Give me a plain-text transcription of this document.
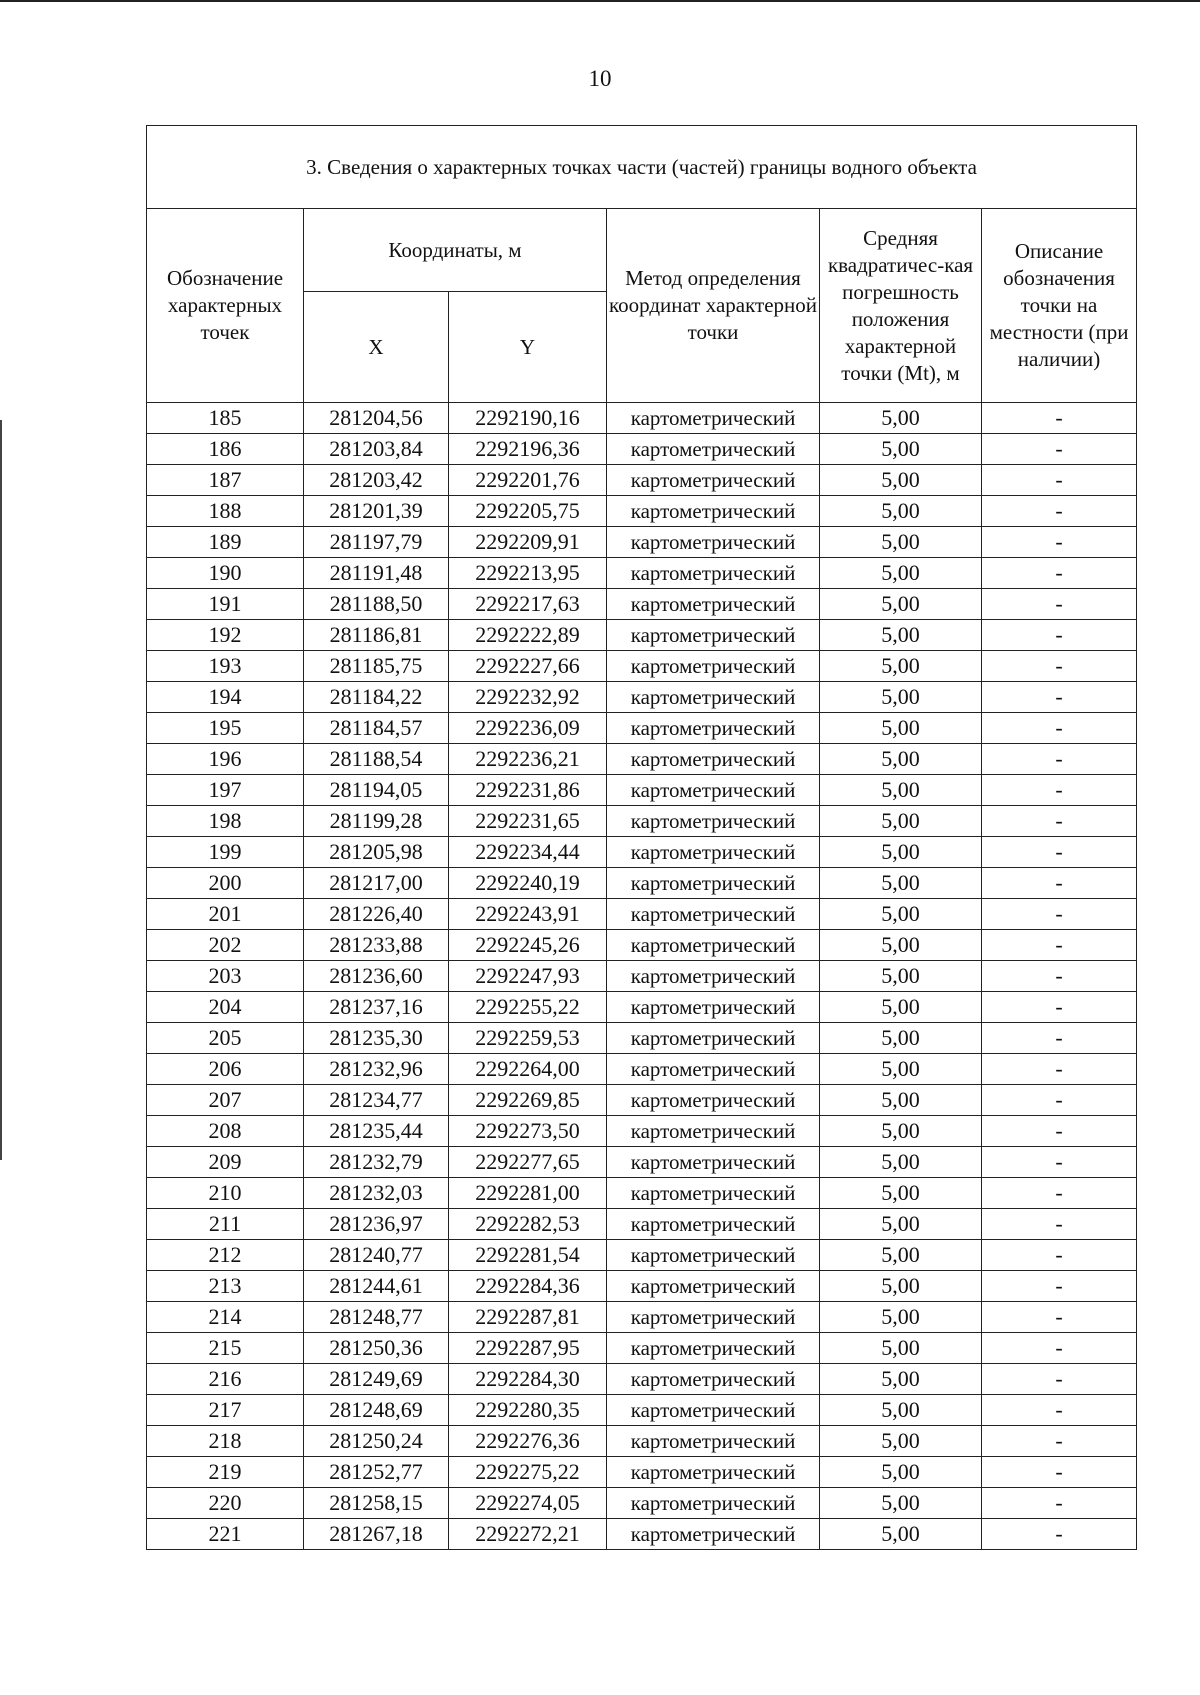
10
3. Сведения о характерных точках части (частей) границы водного объекта					
Обозначение характерных точек	Координаты, м		Метод определения координат характерной точки	Средняя квадратичес-кая погрешность положения характерной точки (Mt), м	Описание обозначения точки на местности (при наличии)
	X	Y			
185	281204,56	2292190,16	картометрический	5,00	-
186	281203,84	2292196,36	картометрический	5,00	-
187	281203,42	2292201,76	картометрический	5,00	-
188	281201,39	2292205,75	картометрический	5,00	-
189	281197,79	2292209,91	картометрический	5,00	-
190	281191,48	2292213,95	картометрический	5,00	-
191	281188,50	2292217,63	картометрический	5,00	-
192	281186,81	2292222,89	картометрический	5,00	-
193	281185,75	2292227,66	картометрический	5,00	-
194	281184,22	2292232,92	картометрический	5,00	-
195	281184,57	2292236,09	картометрический	5,00	-
196	281188,54	2292236,21	картометрический	5,00	-
197	281194,05	2292231,86	картометрический	5,00	-
198	281199,28	2292231,65	картометрический	5,00	-
199	281205,98	2292234,44	картометрический	5,00	-
200	281217,00	2292240,19	картометрический	5,00	-
201	281226,40	2292243,91	картометрический	5,00	-
202	281233,88	2292245,26	картометрический	5,00	-
203	281236,60	2292247,93	картометрический	5,00	-
204	281237,16	2292255,22	картометрический	5,00	-
205	281235,30	2292259,53	картометрический	5,00	-
206	281232,96	2292264,00	картометрический	5,00	-
207	281234,77	2292269,85	картометрический	5,00	-
208	281235,44	2292273,50	картометрический	5,00	-
209	281232,79	2292277,65	картометрический	5,00	-
210	281232,03	2292281,00	картометрический	5,00	-
211	281236,97	2292282,53	картометрический	5,00	-
212	281240,77	2292281,54	картометрический	5,00	-
213	281244,61	2292284,36	картометрический	5,00	-
214	281248,77	2292287,81	картометрический	5,00	-
215	281250,36	2292287,95	картометрический	5,00	-
216	281249,69	2292284,30	картометрический	5,00	-
217	281248,69	2292280,35	картометрический	5,00	-
218	281250,24	2292276,36	картометрический	5,00	-
219	281252,77	2292275,22	картометрический	5,00	-
220	281258,15	2292274,05	картометрический	5,00	-
221	281267,18	2292272,21	картометрический	5,00	-
